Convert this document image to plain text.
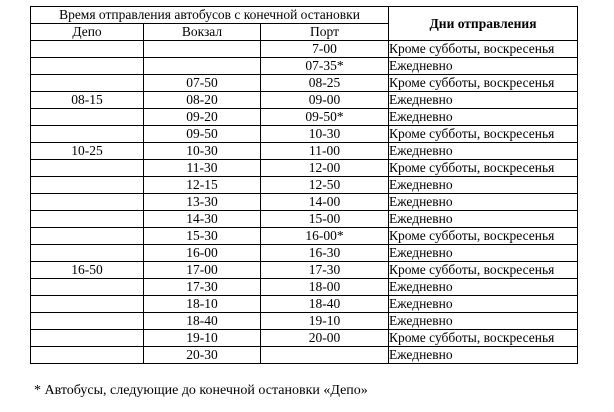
Время отправления автобусов с конечной остановки			Дни отправления

Депо	Вокзал	Порт	
		7-00	Кроме субботы, воскресенья
		07-35*	Ежедневно
	07-50	08-25	Кроме субботы, воскресенья
08-15	08-20	09-00	Ежедневно
	09-20	09-50*	Ежедневно
	09-50	10-30	Кроме субботы, воскресенья
10-25	10-30	11-00	Ежедневно
	11-30	12-00	Кроме субботы, воскресенья
	12-15	12-50	Ежедневно
	13-30	14-00	Ежедневно
	14-30	15-00	Ежедневно
	15-30	16-00*	Кроме субботы, воскресенья
	16-00	16-30	Ежедневно
16-50	17-00	17-30	Кроме субботы, воскресенья
	17-30	18-00	Ежедневно
	18-10	18-40	Ежедневно
	18-40	19-10	Ежедневно
	19-10	20-00	Кроме субботы, воскресенья
	20-30		Ежедневно
* Автобусы, следующие до конечной остановки «Депо»
